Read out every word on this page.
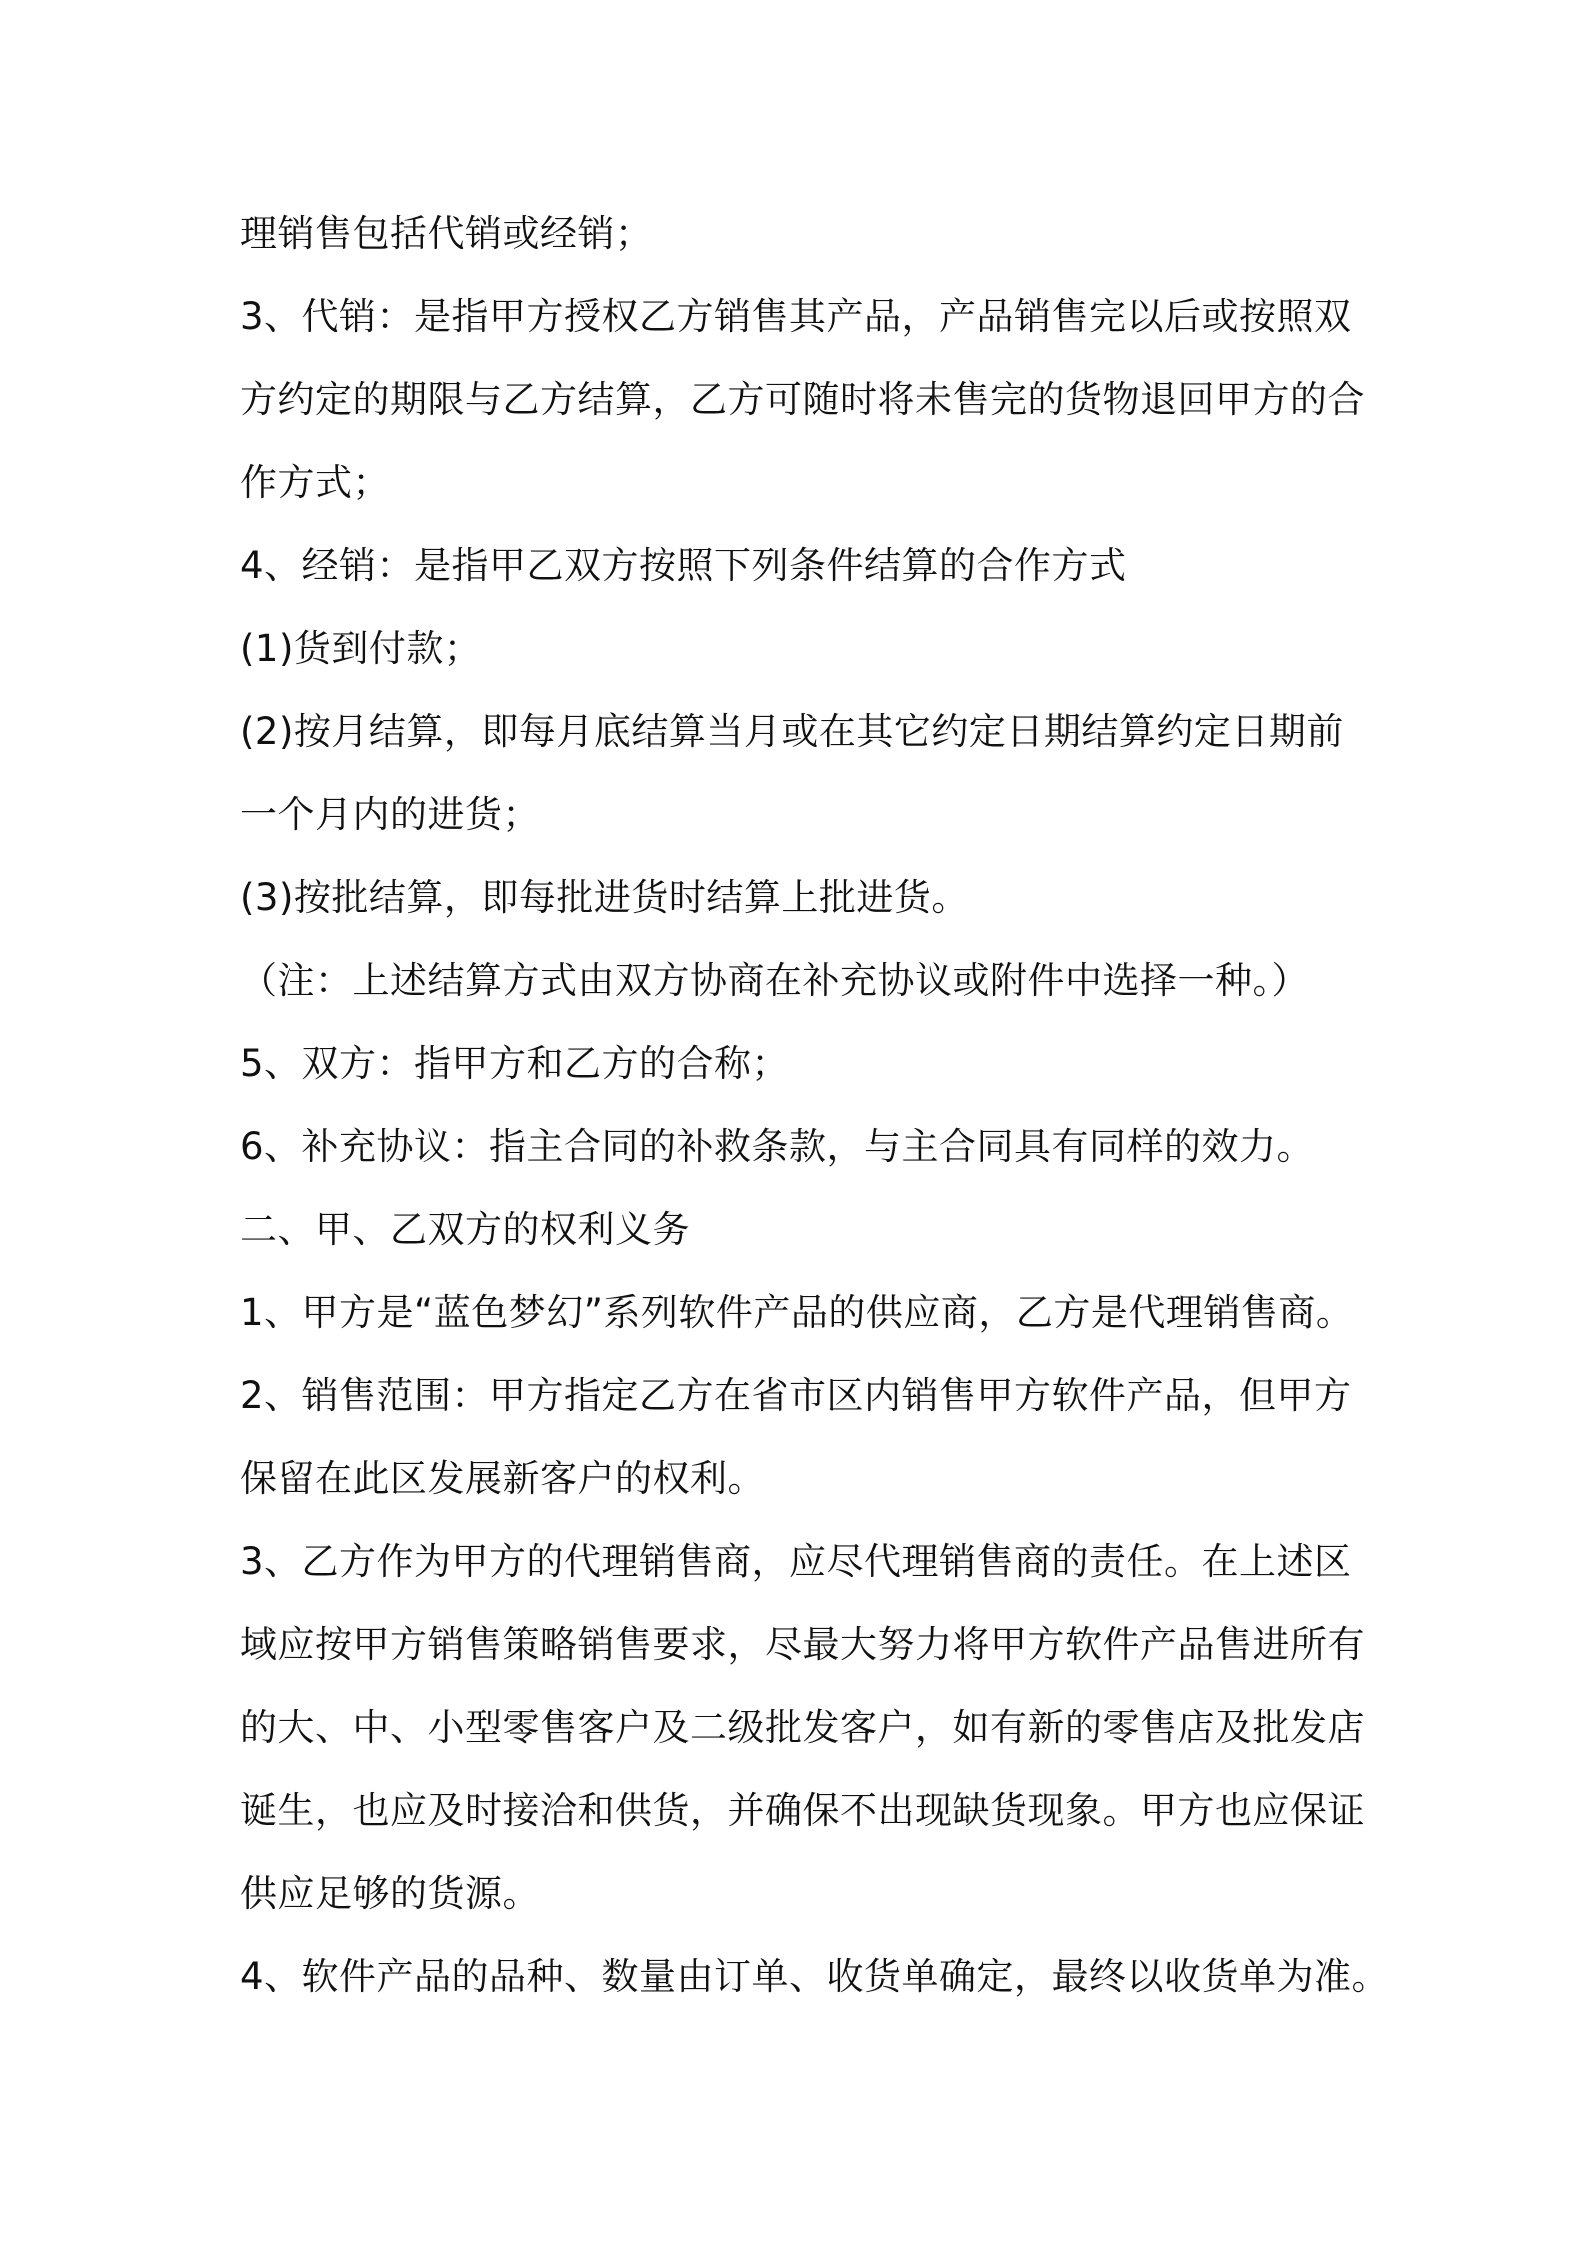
理销售包括代销或经销；
3、代销：是指甲方授权乙方销售其产品，产品销售完以后或按照双
方约定的期限与乙方结算，乙方可随时将未售完的货物退回甲方的合
作方式；
4、经销：是指甲乙双方按照下列条件结算的合作方式
(1)货到付款；
(2)按月结算，即每月底结算当月或在其它约定日期结算约定日期前
一个月内的进货；
(3)按批结算，即每批进货时结算上批进货。
（注：上述结算方式由双方协商在补充协议或附件中选择一种。）
5、双方：指甲方和乙方的合称；
6、补充协议：指主合同的补救条款，与主合同具有同样的效力。
二、甲、乙双方的权利义务
1、甲方是“蓝色梦幻”系列软件产品的供应商，乙方是代理销售商。
2、销售范围：甲方指定乙方在省市区内销售甲方软件产品，但甲方
保留在此区发展新客户的权利。
3、乙方作为甲方的代理销售商，应尽代理销售商的责任。在上述区
域应按甲方销售策略销售要求，尽最大努力将甲方软件产品售进所有
的大、中、小型零售客户及二级批发客户，如有新的零售店及批发店
诞生，也应及时接洽和供货，并确保不出现缺货现象。甲方也应保证
供应足够的货源。
4、软件产品的品种、数量由订单、收货单确定，最终以收货单为准。
